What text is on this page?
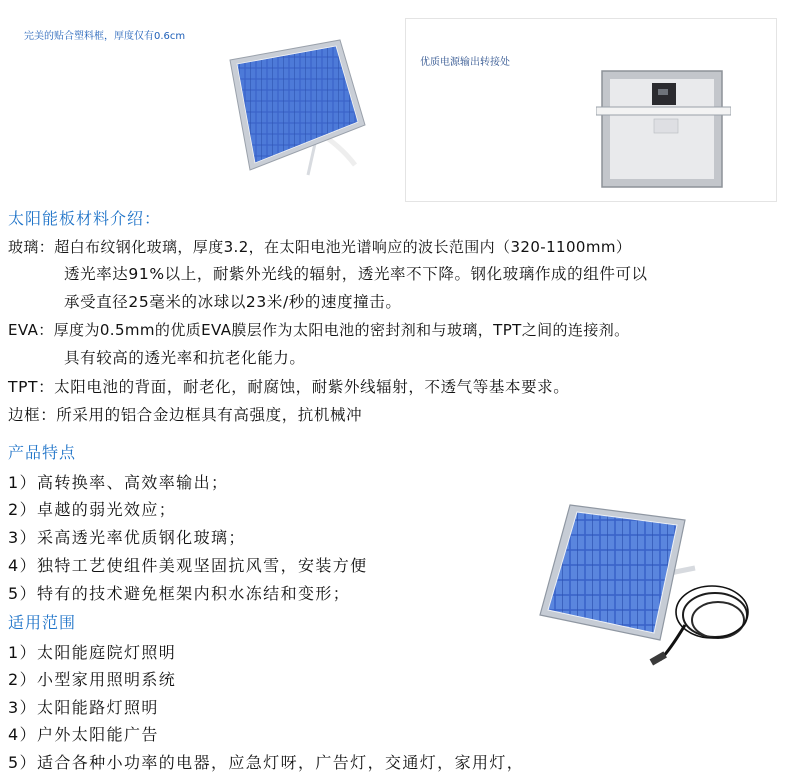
完美的贴合塑料框，厚度仅有0.6cm
优质电源输出转接处
太阳能板材料介绍：
玻璃：超白布纹钢化玻璃，厚度3.2，在太阳电池光谱响应的波长范围内（320-1100mm）
透光率达91%以上，耐紫外光线的辐射，透光率不下降。钢化玻璃作成的组件可以
承受直径25毫米的冰球以23米/秒的速度撞击。
EVA：厚度为0.5mm的优质EVA膜层作为太阳电池的密封剂和与玻璃，TPT之间的连接剂。
具有较高的透光率和抗老化能力。
TPT：太阳电池的背面，耐老化，耐腐蚀，耐紫外线辐射，不透气等基本要求。
边框：所采用的铝合金边框具有高强度，抗机械冲
产品特点
1）高转换率、高效率输出；
2）卓越的弱光效应；
3）采高透光率优质钢化玻璃；
4）独特工艺使组件美观坚固抗风雪，安装方便
5）特有的技术避免框架内积水冻结和变形；
适用范围
1）太阳能庭院灯照明
2）小型家用照明系统
3）太阳能路灯照明
4）户外太阳能广告
5）适合各种小功率的电器，应急灯呀，广告灯，交通灯，家用灯，
